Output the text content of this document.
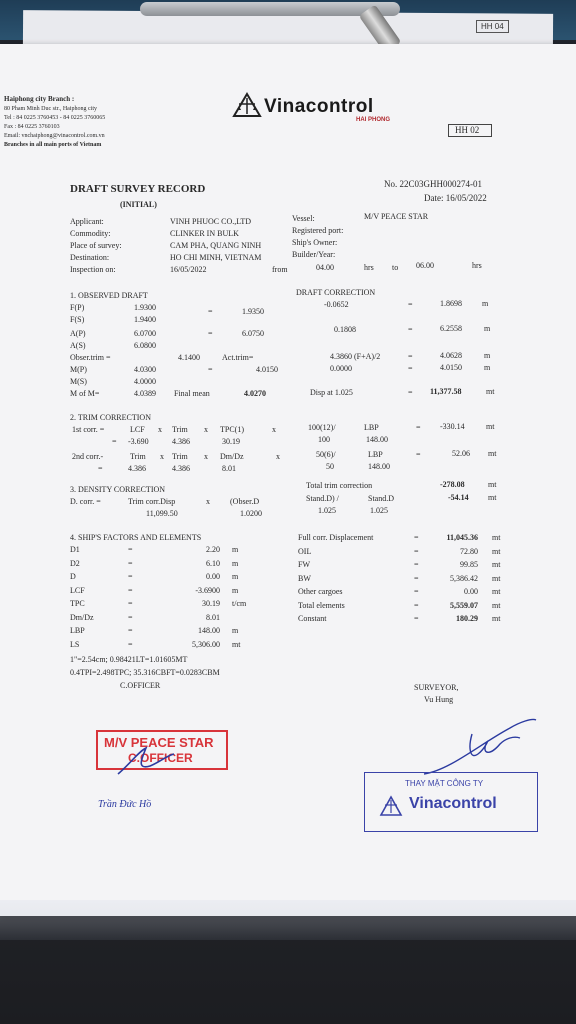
HH 04
Haiphong city Branch :
80 Pham Minh Duc str., Haiphong city
Tel : 84 0225 3760453 - 84 0225 3760065
Fax : 84 0225 3760103
Email: vnchaiphong@vinacontrol.com.vn
Branches in all main ports of Vietnam
HH 02
Vinacontrol
HAI PHONG
No. 22C03GHH000274-01
Date: 16/05/2022
DRAFT SURVEY RECORD
(INITIAL)
Applicant:	VINH PHUOC CO.,LTD
Commodity:	CLINKER IN BULK
Place of survey:	CAM PHA, QUANG NINH
Destination:	HO CHI MINH, VIETNAM
Inspection on:	16/05/2022	from	04.00	hrs to 06.00	hrs
Vessel:	M/V PEACE STAR
Registered port:
Ship's Owner:
Builder/Year:
1. OBSERVED DRAFT
F(P)	1.9300
F(S)	1.9400
=	1.9350
A(P)	6.0700
A(S)	6.0800
=	6.0750
Obser.trim =	4.1400	Act.trim=
M(P)	4.0300	=	4.0150
M(S)	4.0000
M of M=	4.0389 Final mean	4.0270
DRAFT CORRECTION
-0.0652	=	1.8698	m
0.1808	=	6.2558	m
4.3860 (F+A)/2	=	4.0628	m
0.0000	=	4.0150	m
Disp at 1.025	= 11,377.58	mt
2. TRIM CORRECTION
1st corr. =	LCF x Trim x TPC(1)	x	100(12)/	LBP	= -330.14	mt
= -3.690	4.386	30.19	100	148.00
2nd corr.-	Trim x Trim x Dm/Dz	x	50(6)/	LBP	=	52.06 mt
=	4.386	4.386	8.01	50	148.00
3. DENSITY CORRECTION
D. corr. =	Trim corr.Disp	x	(Obser.D
11,099.50	1.0200
Stand.D) /	Stand.D
1.025	1.025
Total trim correction	-278.08	mt
-54.14 mt
4. SHIP'S FACTORS AND ELEMENTS
D1	=	2.20 m
D2	=	6.10 m
D	=	0.00 m
LCF	=	-3.6900 m
TPC	=	30.19 t/cm
Dm/Dz	=	8.01
LBP	=	148.00 m
LS	=	5,306.00 mt
1"=2.54cm; 0.98421LT=1.01605MT
0.4TPI=2.498TPC; 35.316CBFT=0.0283CBM
C.OFFICER
Full corr. Displacement	=	11,045.36 mt
OIL	=	72.80 mt
FW	=	99.85 mt
BW	=	5,386.42 mt
Other cargoes	=	0.00 mt
Total elements	=	5,559.07 mt
Constant	=	180.29 mt
SURVEYOR,
Vu Hung
M/V PEACE STAR
C.OFFICER
Trần Đức Hồ
THAY MẶT CÔNG TY
Vinacontrol
